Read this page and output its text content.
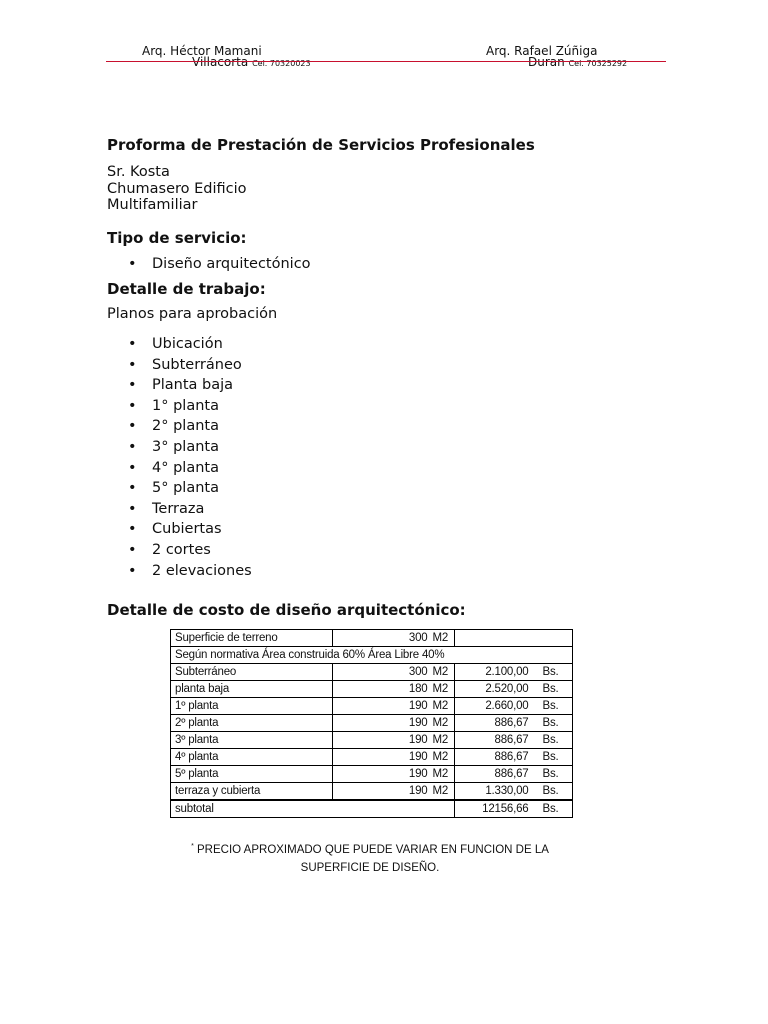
Arq. Héctor Mamani
Villacorta Cel. 70320023
Arq. Rafael Zúñiga
Duran Cel. 70325292
Proforma de Prestación de Servicios Profesionales
Sr. Kosta
Chumasero Edificio
Multifamiliar
Tipo de servicio:
• Diseño arquitectónico
Detalle de trabajo:
Planos para aprobación
• Ubicación
• Subterráneo
• Planta baja
• 1° planta
• 2° planta
• 3° planta
• 4° planta
• 5° planta
• Terraza
• Cubiertas
• 2 cortes
• 2 elevaciones
Detalle de costo de diseño arquitectónico:
Superficie de terreno	300	M2		
Según normativa Área construida 60% Área Libre 40%				
Subterráneo	300	M2	2.100,00	Bs.
planta baja	180	M2	2.520,00	Bs.
1º planta	190	M2	2.660,00	Bs.
2º planta	190	M2	886,67	Bs.
3º planta	190	M2	886,67	Bs.
4º planta	190	M2	886,67	Bs.
5º planta	190	M2	886,67	Bs.
terraza y cubierta	190	M2	1.330,00	Bs.
subtotal			12156,66	Bs.
* PRECIO APROXIMADO QUE PUEDE VARIAR EN FUNCION DE LA
SUPERFICIE DE DISEÑO.
